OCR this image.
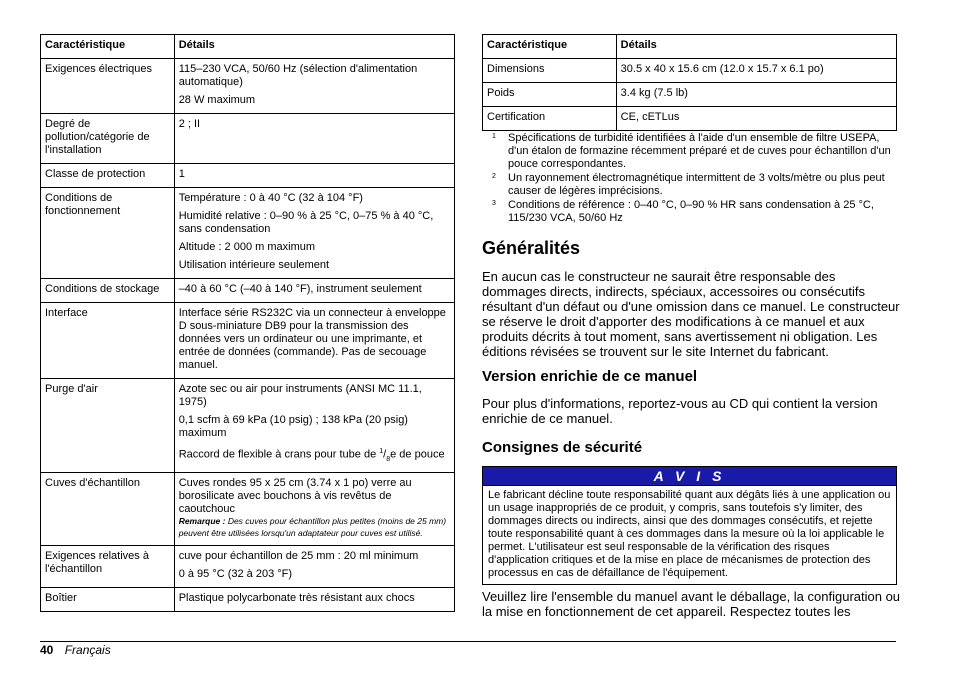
Caractéristique	Détails

Exigences électriques	115–230 VCA, 50/60 Hz (sélection d'alimentation automatique)

28 W maximum

Degré de pollution/catégorie de l'installation	2 ; II

Classe de protection	1

Conditions de fonctionnement	Température : 0 à 40 °C (32 à 104 °F)

Humidité relative : 0–90 % à 25 °C, 0–75 % à 40 °C, sans condensation

Altitude : 2 000 m maximum

Utilisation intérieure seulement

Conditions de stockage	–40 à 60 °C (–40 à 140 °F), instrument seulement

Interface	Interface série RS232C via un connecteur à enveloppe D sous-miniature DB9 pour la transmission des données vers un ordinateur ou une imprimante, et entrée de données (commande). Pas de secouage manuel.

Purge d'air	Azote sec ou air pour instruments (ANSI MC 11.1, 1975)

0,1 scfm à 69 kPa (10 psig) ; 138 kPa (20 psig) maximum

Raccord de flexible à crans pour tube de $^1/_8e$ de pouce

Cuves d'échantillon	Cuves rondes 95 x 25 cm (3.74 x 1 po) verre au borosilicate avec bouchons à vis revêtus de caoutchouc

Remarque : Des cuves pour échantillon plus petites (moins de 25 mm) peuvent être utilisées lorsqu'un adaptateur pour cuves est utilisé.

Exigences relatives à l'échantillon	cuve pour échantillon de 25 mm : 20 ml minimum

0 à 95 °C (32 à 203 °F)

Boîtier	Plastique polycarbonate très résistant aux chocs

Caractéristique	Détails

Dimensions	30.5 x 40 x 15.6 cm (12.0 x 15.7 x 6.1 po)

Poids	3.4 kg (7.5 lb)

Certification	CE, cETLus
1	Spécifications de turbidité identifiées à l'aide d'un ensemble de filtre USEPA, d'un étalon de formazine récemment préparé et de cuves pour échantillon d'un pouce correspondantes.
2	Un rayonnement électromagnétique intermittent de 3 volts/mètre ou plus peut causer de légères imprécisions.
3	Conditions de référence : 0–40 °C, 0–90 % HR sans condensation à 25 °C, 115/230 VCA, 50/60 Hz
Généralités

En aucun cas le constructeur ne saurait être responsable des dommages directs, indirects, spéciaux, accessoires ou consécutifs résultant d'un défaut ou d'une omission dans ce manuel. Le constructeur se réserve le droit d'apporter des modifications à ce manuel et aux produits décrits à tout moment, sans avertissement ni obligation. Les éditions révisées se trouvent sur le site Internet du fabricant.

Version enrichie de ce manuel

Pour plus d'informations, reportez-vous au CD qui contient la version enrichie de ce manuel.

Consignes de sécurité
A V I S
Le fabricant décline toute responsabilité quant aux dégâts liés à une application ou un usage inappropriés de ce produit, y compris, sans toutefois s'y limiter, des dommages directs ou indirects, ainsi que des dommages consécutifs, et rejette toute responsabilité quant à ces dommages dans la mesure où la loi applicable le permet. L'utilisateur est seul responsable de la vérification des risques d'application critiques et de la mise en place de mécanismes de protection des processus en cas de défaillance de l'équipement.

Veuillez lire l'ensemble du manuel avant le déballage, la configuration ou la mise en fonctionnement de cet appareil. Respectez toutes les

40 Français
